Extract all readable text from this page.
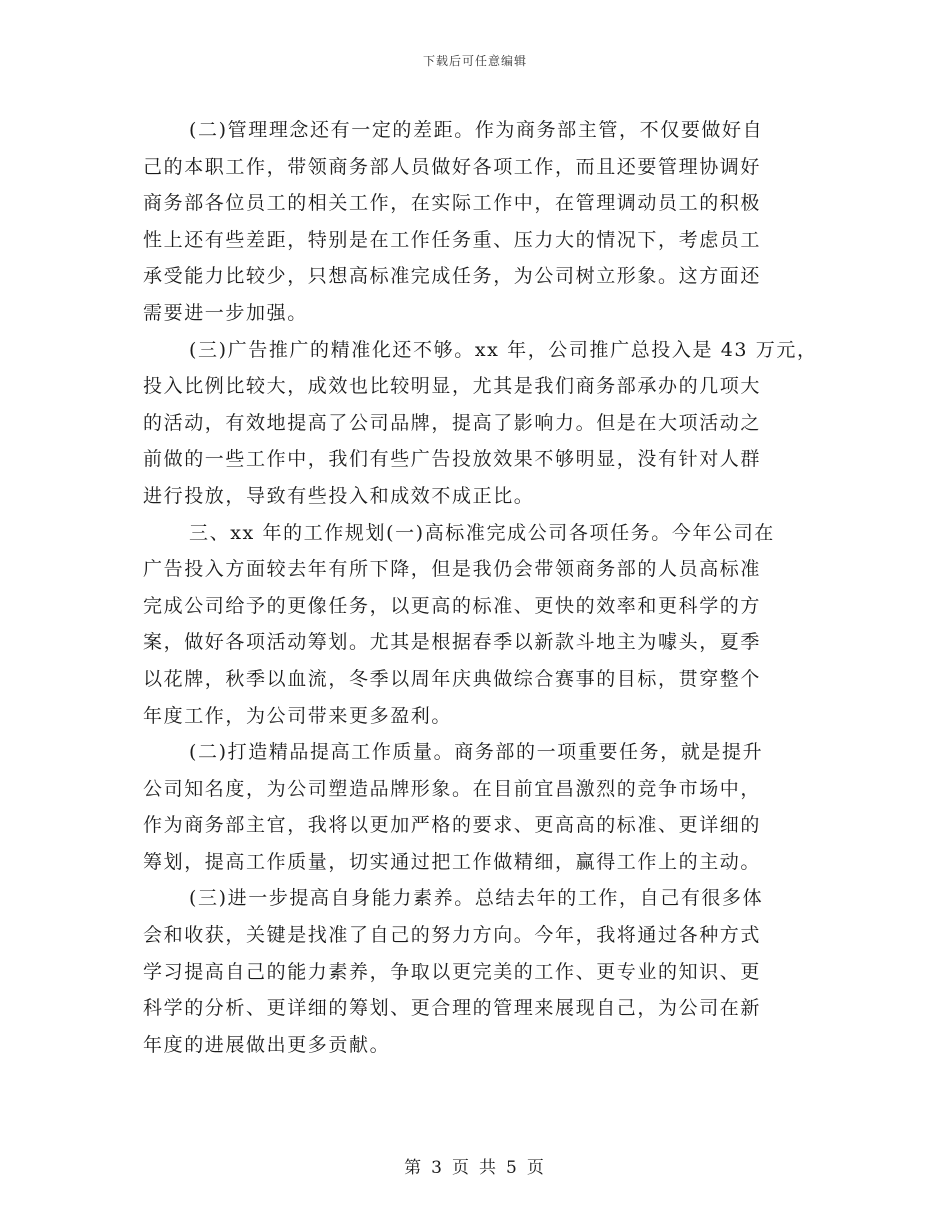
下载后可任意编辑
(二)管理理念还有一定的差距。作为商务部主管，不仅要做好自
己的本职工作，带领商务部人员做好各项工作，而且还要管理协调好
商务部各位员工的相关工作，在实际工作中，在管理调动员工的积极
性上还有些差距，特别是在工作任务重、压力大的情况下，考虑员工
承受能力比较少，只想高标准完成任务，为公司树立形象。这方面还
需要进一步加强。
(三)广告推广的精准化还不够。xx 年，公司推广总投入是 43 万元，
投入比例比较大，成效也比较明显，尤其是我们商务部承办的几项大
的活动，有效地提高了公司品牌，提高了影响力。但是在大项活动之
前做的一些工作中，我们有些广告投放效果不够明显，没有针对人群
进行投放，导致有些投入和成效不成正比。
三、xx 年的工作规划(一)高标准完成公司各项任务。今年公司在
广告投入方面较去年有所下降，但是我仍会带领商务部的人员高标准
完成公司给予的更像任务，以更高的标准、更快的效率和更科学的方
案，做好各项活动筹划。尤其是根据春季以新款斗地主为噱头，夏季
以花牌，秋季以血流，冬季以周年庆典做综合赛事的目标，贯穿整个
年度工作，为公司带来更多盈利。
(二)打造精品提高工作质量。商务部的一项重要任务，就是提升
公司知名度，为公司塑造品牌形象。在目前宜昌激烈的竞争市场中，
作为商务部主官，我将以更加严格的要求、更高高的标准、更详细的
筹划，提高工作质量，切实通过把工作做精细，赢得工作上的主动。
(三)进一步提高自身能力素养。总结去年的工作，自己有很多体
会和收获，关键是找准了自己的努力方向。今年，我将通过各种方式
学习提高自己的能力素养，争取以更完美的工作、更专业的知识、更
科学的分析、更详细的筹划、更合理的管理来展现自己，为公司在新
年度的进展做出更多贡献。
第 3 页 共 5 页
